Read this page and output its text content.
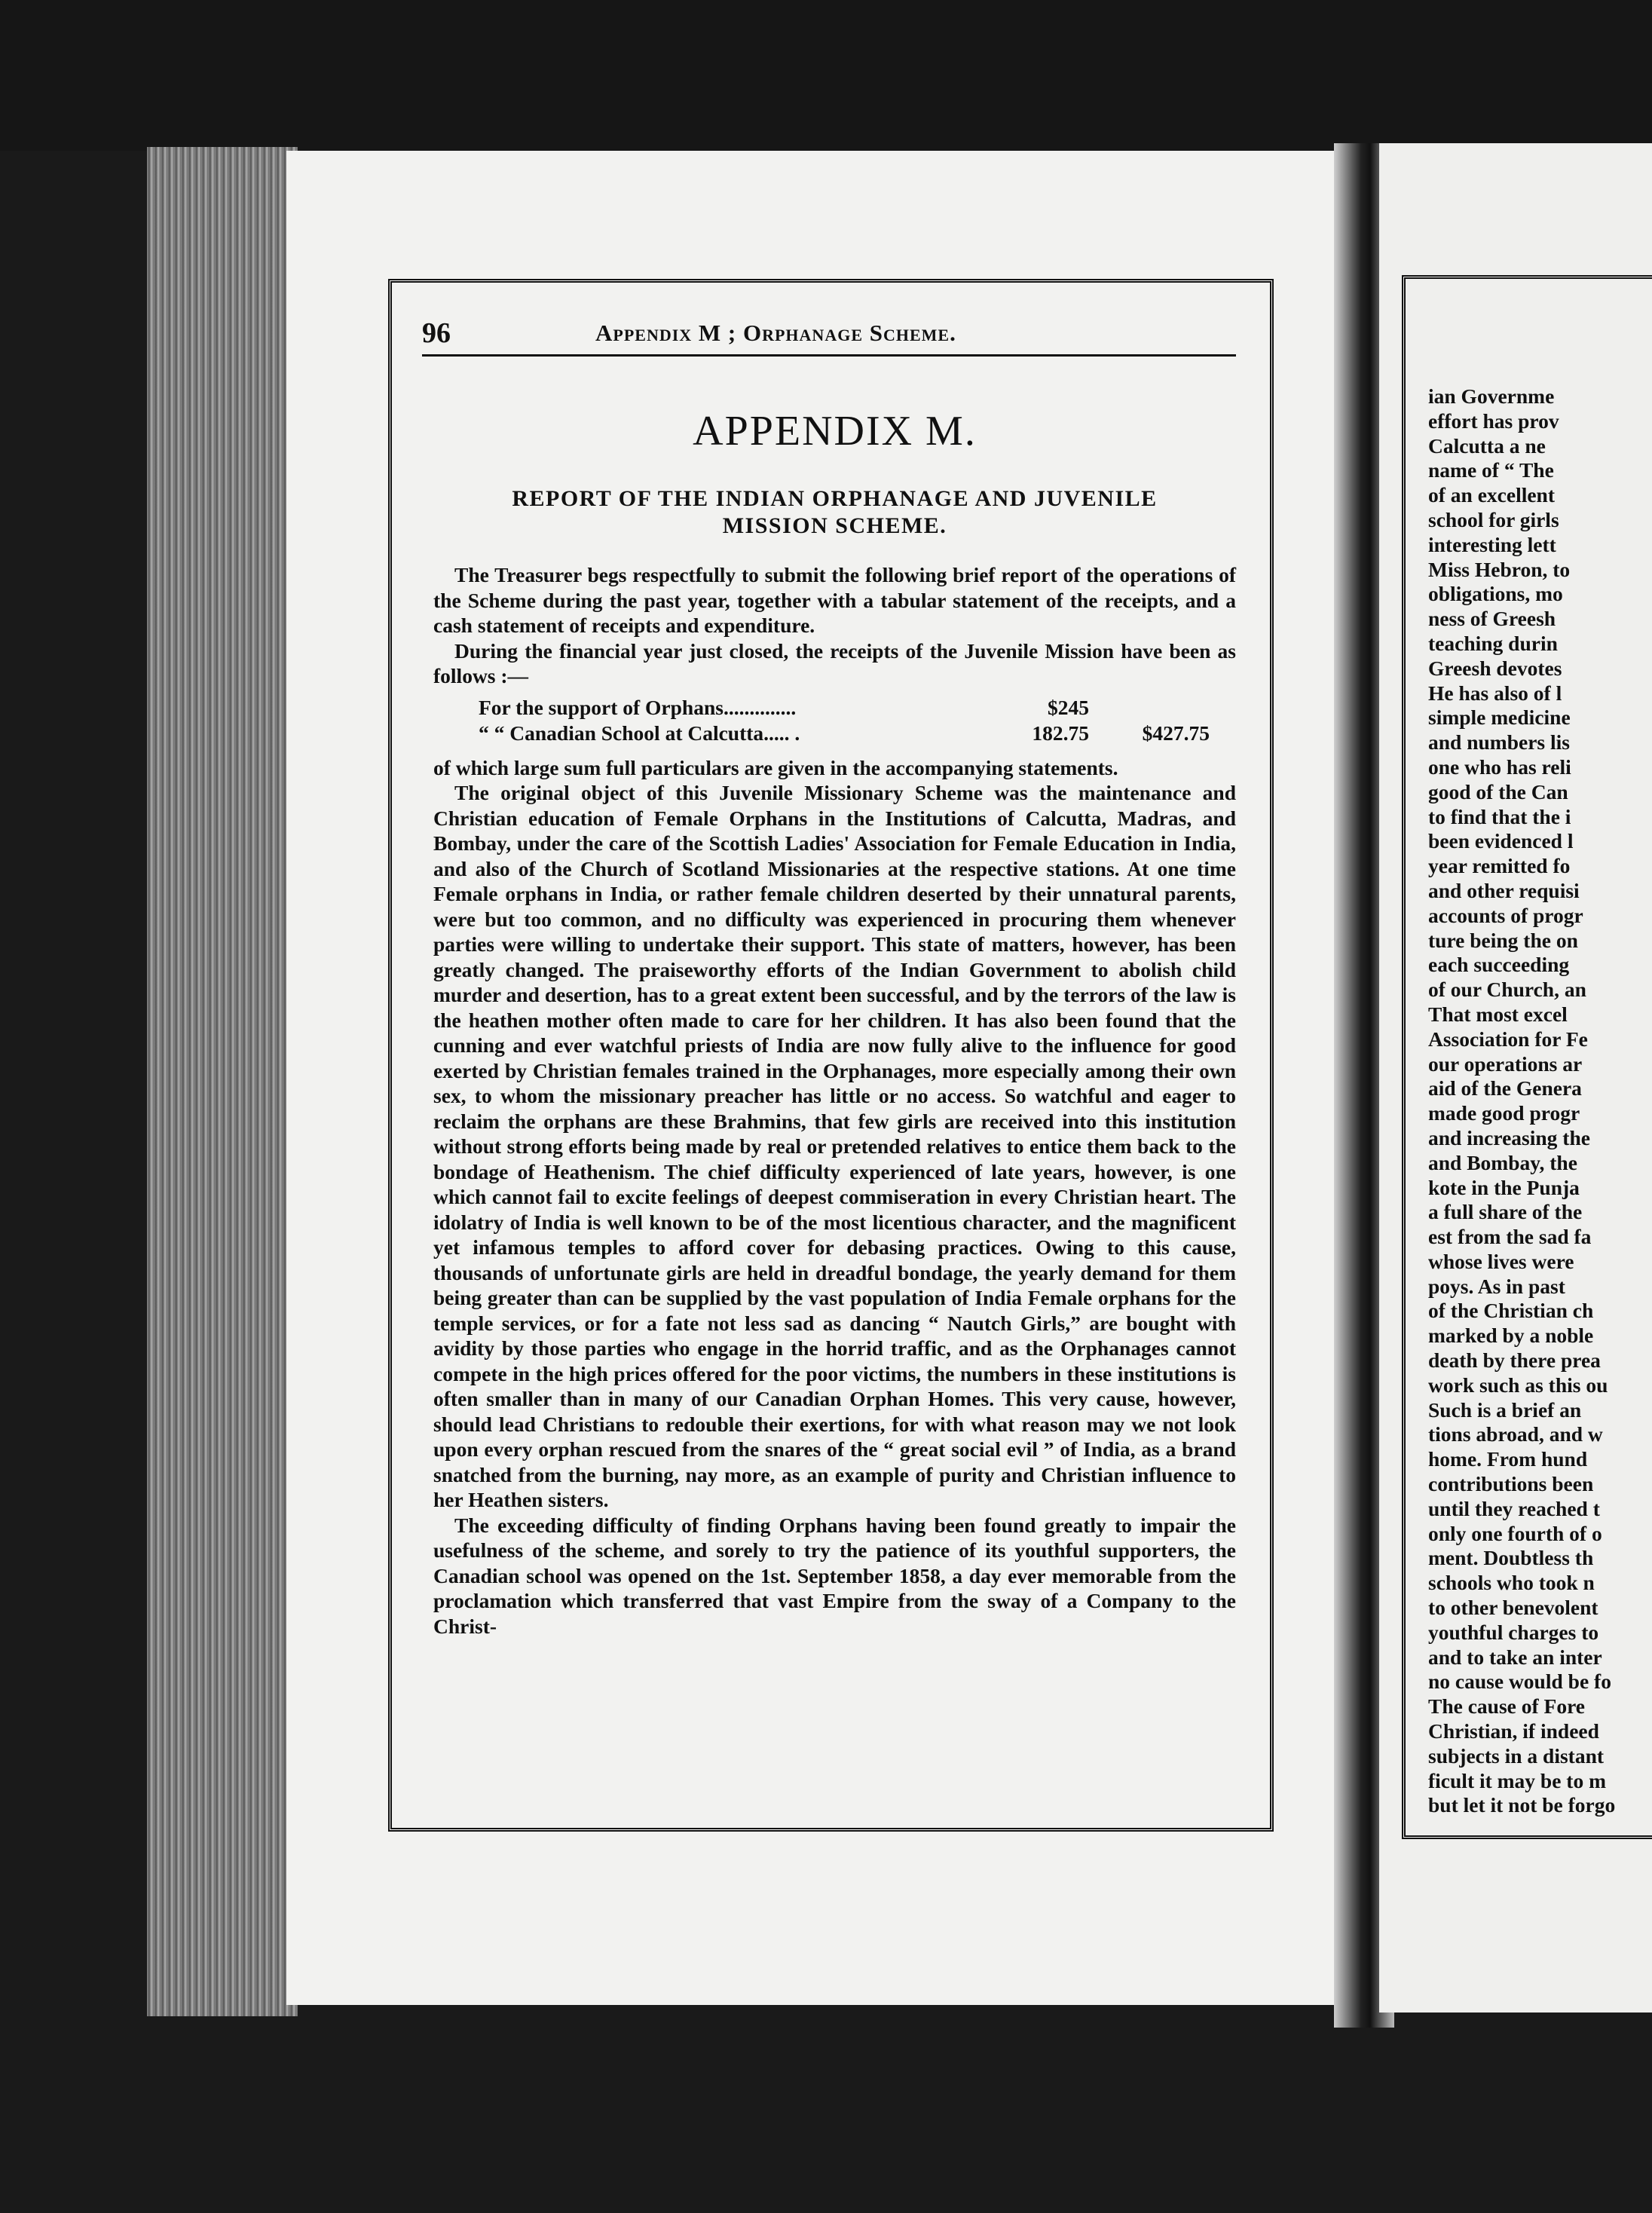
ian Governme
effort has prov
Calcutta a ne
name of “ The
of an excellent
school for girls
interesting lett
Miss Hebron, to
obligations, mo
ness of Greesh
teaching durin
Greesh devotes
He has also of l
simple medicine
and numbers lis
one who has reli
good of the Can
to find that the i
been evidenced l
year remitted fo
and other requisi
accounts of progr
ture being the on
each succeeding
of our Church, an
That most excel
Association for Fe
our operations ar
aid of the Genera
made good progr
and increasing the
and Bombay, the
kote in the Punja
a full share of the
est from the sad fa
whose lives were
poys. As in past
of the Christian ch
marked by a noble
death by there prea
work such as this ou
Such is a brief an
tions abroad, and w
home. From hund
contributions been
until they reached t
only one fourth of o
ment. Doubtless th
schools who took n
to other benevolent
youthful charges to
and to take an inter
no cause would be fo
The cause of Fore
Christian, if indeed
subjects in a distant
ficult it may be to m
but let it not be forgo
96	Appendix M ; Orphanage Scheme.
APPENDIX M.
REPORT OF THE INDIAN ORPHANAGE AND JUVENILE MISSION SCHEME.

The Treasurer begs respectfully to submit the following brief report of the operations of the Scheme during the past year, together with a tabular statement of the receipts, and a cash statement of receipts and expenditure.

During the financial year just closed, the receipts of the Juvenile Mission have been as follows :—

For the support of Orphans..............	$245
“ “ Canadian School at Calcutta..... .	182.75	$427.75

of which large sum full particulars are given in the accompanying statements.

The original object of this Juvenile Missionary Scheme was the maintenance and Christian education of Female Orphans in the Institutions of Calcutta, Madras, and Bombay, under the care of the Scottish Ladies' Association for Female Education in India, and also of the Church of Scotland Missionaries at the respective stations. At one time Female orphans in India, or rather female children deserted by their unnatural parents, were but too common, and no difficulty was experienced in procuring them whenever parties were willing to undertake their support. This state of matters, however, has been greatly changed. The praiseworthy efforts of the Indian Government to abolish child murder and desertion, has to a great extent been successful, and by the terrors of the law is the heathen mother often made to care for her children. It has also been found that the cunning and ever watchful priests of India are now fully alive to the influence for good exerted by Christian females trained in the Orphanages, more especially among their own sex, to whom the missionary preacher has little or no access. So watchful and eager to reclaim the orphans are these Brahmins, that few girls are received into this institution without strong efforts being made by real or pretended relatives to entice them back to the bondage of Heathenism. The chief difficulty experienced of late years, however, is one which cannot fail to excite feelings of deepest commiseration in every Christian heart. The idolatry of India is well known to be of the most licentious character, and the magnificent yet infamous temples to afford cover for debasing practices. Owing to this cause, thousands of unfortunate girls are held in dreadful bondage, the yearly demand for them being greater than can be supplied by the vast population of India Female orphans for the temple services, or for a fate not less sad as dancing “ Nautch Girls,” are bought with avidity by those parties who engage in the horrid traffic, and as the Orphanages cannot compete in the high prices offered for the poor victims, the numbers in these institutions is often smaller than in many of our Canadian Orphan Homes. This very cause, however, should lead Christians to redouble their exertions, for with what reason may we not look upon every orphan rescued from the snares of the “ great social evil ” of India, as a brand snatched from the burning, nay more, as an example of purity and Christian influence to her Heathen sisters.

The exceeding difficulty of finding Orphans having been found greatly to impair the usefulness of the scheme, and sorely to try the patience of its youthful supporters, the Canadian school was opened on the 1st. September 1858, a day ever memorable from the proclamation which transferred that vast Empire from the sway of a Company to the Christ-
